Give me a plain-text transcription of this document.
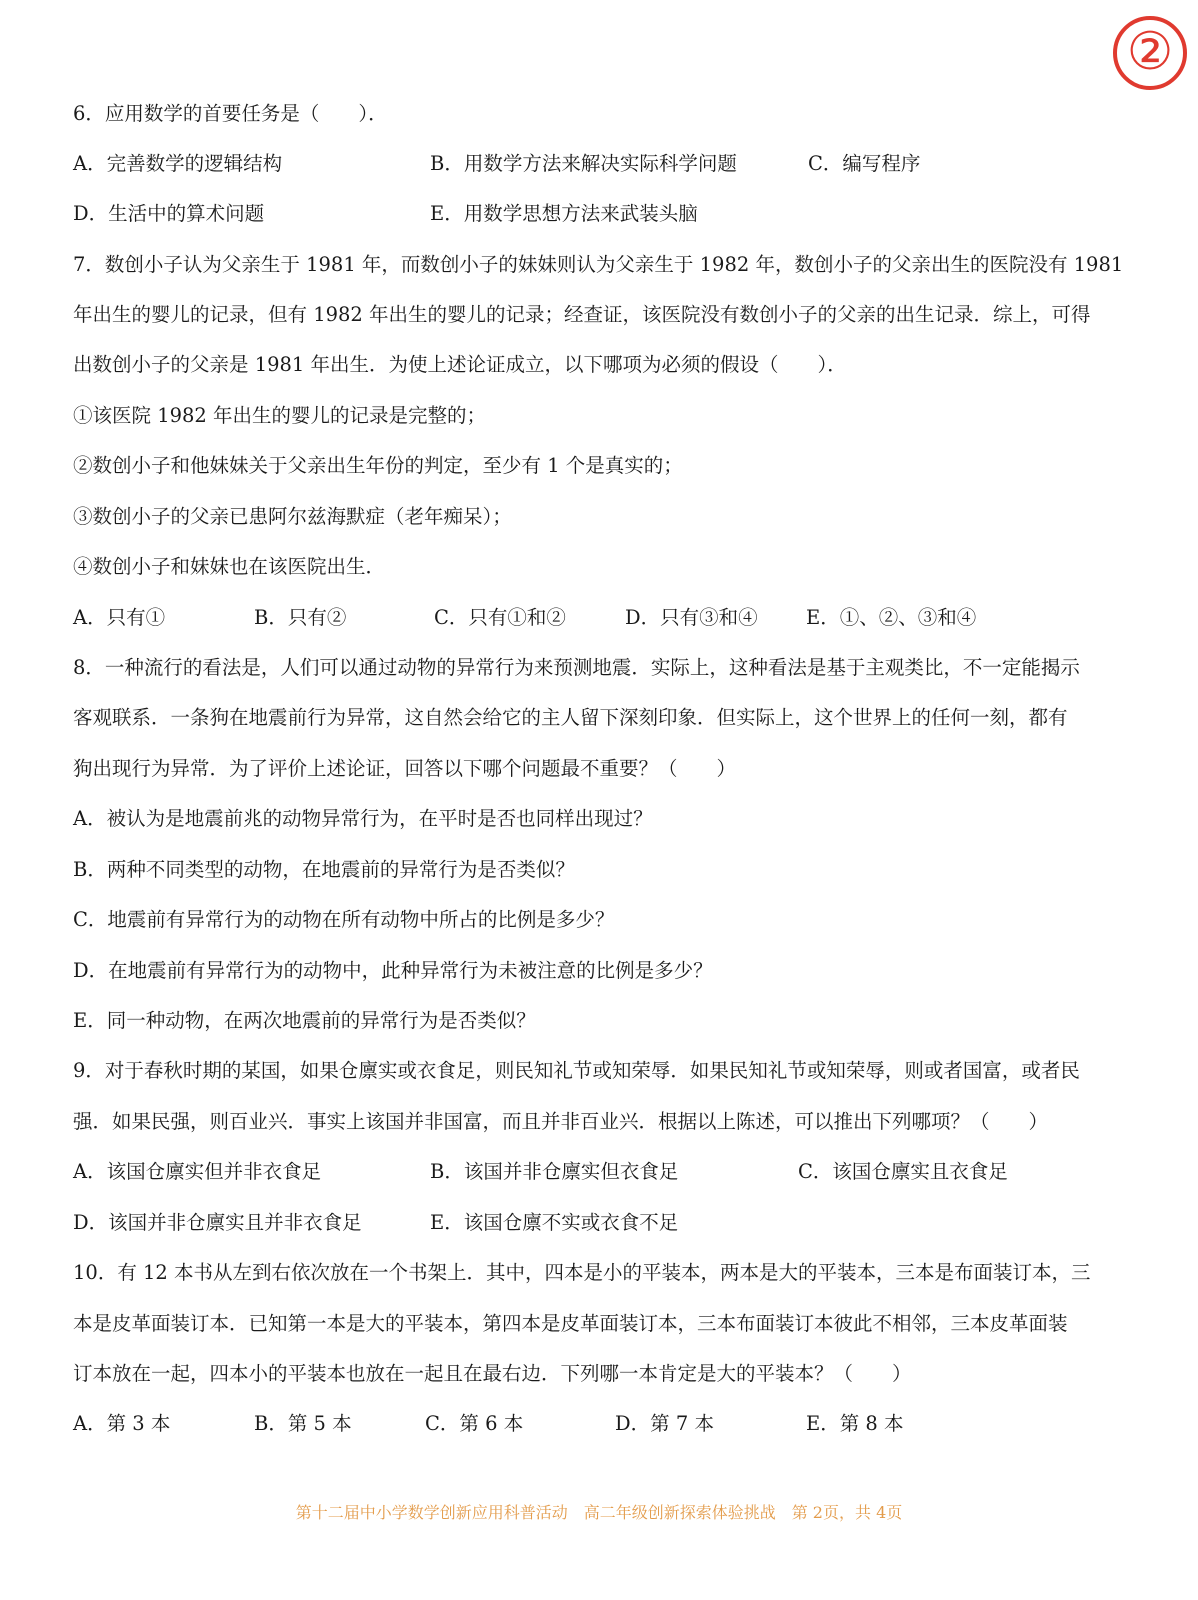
②
6．应用数学的首要任务是（　　）．
A．完善数学的逻辑结构	B．用数学方法来解决实际科学问题	C．编写程序
D．生活中的算术问题	E．用数学思想方法来武装头脑
7．数创小子认为父亲生于 1981 年，而数创小子的妹妹则认为父亲生于 1982 年，数创小子的父亲出生的医院没有 1981
年出生的婴儿的记录，但有 1982 年出生的婴儿的记录；经查证，该医院没有数创小子的父亲的出生记录．综上，可得
出数创小子的父亲是 1981 年出生．为使上述论证成立，以下哪项为必须的假设（　　）．
①该医院 1982 年出生的婴儿的记录是完整的；
②数创小子和他妹妹关于父亲出生年份的判定，至少有 1 个是真实的；
③数创小子的父亲已患阿尔兹海默症（老年痴呆）；
④数创小子和妹妹也在该医院出生．
A．只有①	B．只有②	C．只有①和②	D．只有③和④ E．①、②、③和④
8．一种流行的看法是，人们可以通过动物的异常行为来预测地震．实际上，这种看法是基于主观类比，不一定能揭示
客观联系．一条狗在地震前行为异常，这自然会给它的主人留下深刻印象．但实际上，这个世界上的任何一刻，都有
狗出现行为异常．为了评价上述论证，回答以下哪个问题最不重要？（　　）
A．被认为是地震前兆的动物异常行为，在平时是否也同样出现过？
B．两种不同类型的动物，在地震前的异常行为是否类似？
C．地震前有异常行为的动物在所有动物中所占的比例是多少？
D．在地震前有异常行为的动物中，此种异常行为未被注意的比例是多少？
E．同一种动物，在两次地震前的异常行为是否类似？
9．对于春秋时期的某国，如果仓廪实或衣食足，则民知礼节或知荣辱．如果民知礼节或知荣辱，则或者国富，或者民
强．如果民强，则百业兴．事实上该国并非国富，而且并非百业兴．根据以上陈述，可以推出下列哪项？（　　）
A．该国仓廪实但并非衣食足	B．该国并非仓廪实但衣食足	C．该国仓廪实且衣食足
D．该国并非仓廪实且并非衣食足	E．该国仓廪不实或衣食不足
10．有 12 本书从左到右依次放在一个书架上．其中，四本是小的平装本，两本是大的平装本，三本是布面装订本，三
本是皮革面装订本．已知第一本是大的平装本，第四本是皮革面装订本，三本布面装订本彼此不相邻，三本皮革面装
订本放在一起，四本小的平装本也放在一起且在最右边．下列哪一本肯定是大的平装本？（　　）
A．第 3 本	B．第 5 本	C．第 6 本	D．第 7 本	E．第 8 本
第十二届中小学数学创新应用科普活动　高二年级创新探索体验挑战　第 2页，共 4页
